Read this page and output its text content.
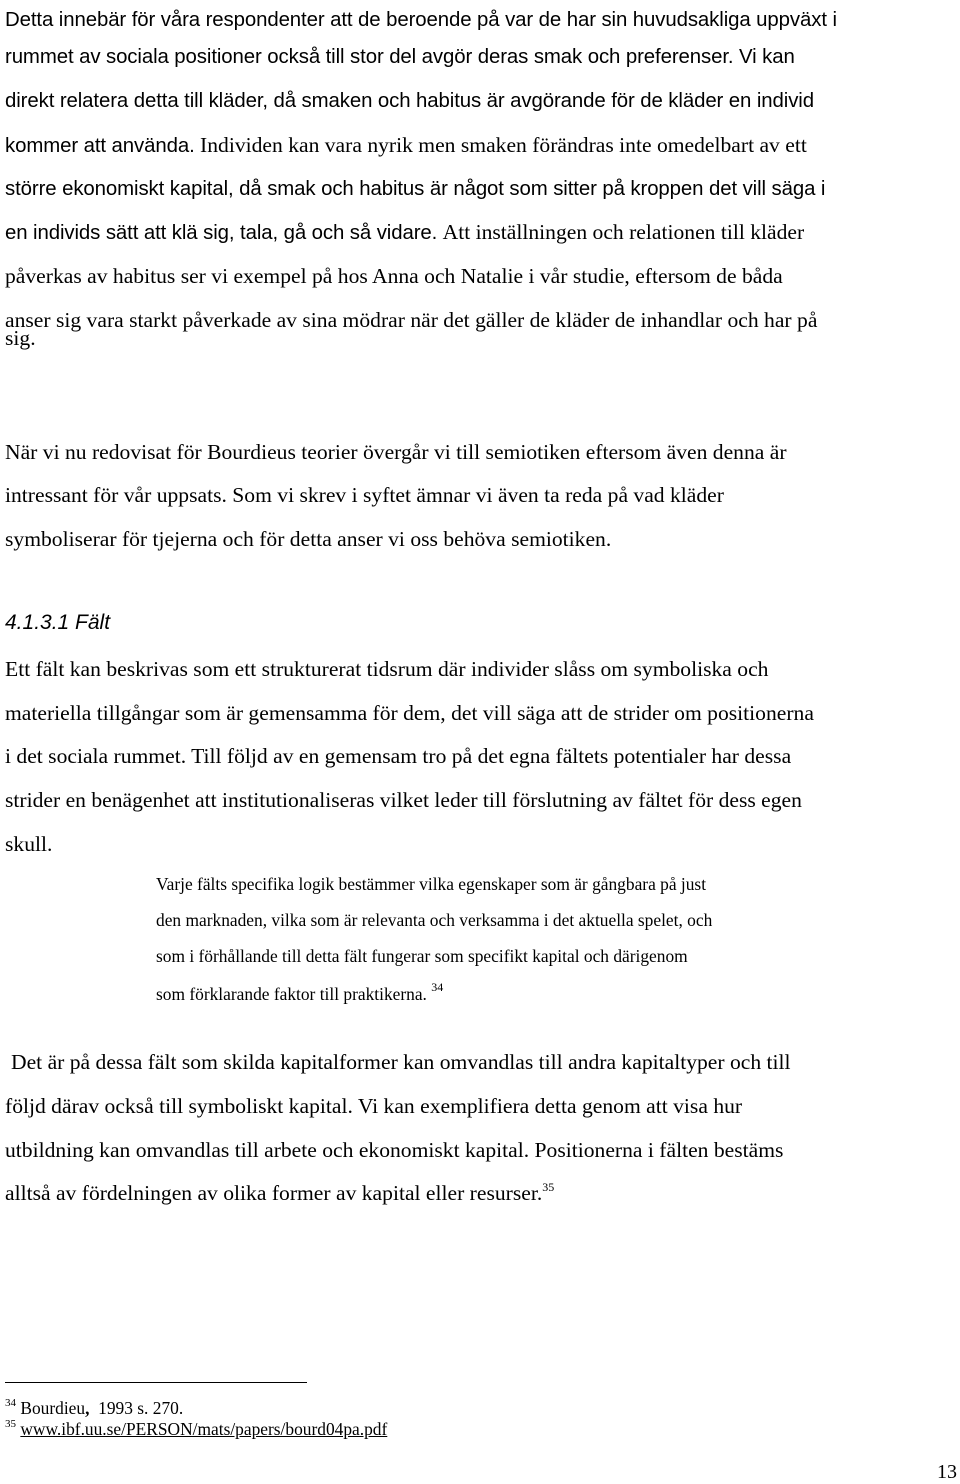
Detta innebär för våra respondenter att de beroende på var de har sin huvudsakliga uppväxt i
rummet av sociala positioner också till stor del avgör deras smak och preferenser. Vi kan
direkt relatera detta till kläder, då smaken och habitus är avgörande för de kläder en individ
kommer att använda. Individen kan vara nyrik men smaken förändras inte omedelbart av ett
större ekonomiskt kapital, då smak och habitus är något som sitter på kroppen det vill säga i
en individs sätt att klä sig, tala, gå och så vidare. Att inställningen och relationen till kläder
påverkas av habitus ser vi exempel på hos Anna och Natalie i vår studie, eftersom de båda
anser sig vara starkt påverkade av sina mödrar när det gäller de kläder de inhandlar och har på
sig.
När vi nu redovisat för Bourdieus teorier övergår vi till semiotiken eftersom även denna är
intressant för vår uppsats. Som vi skrev i syftet ämnar vi även ta reda på vad kläder
symboliserar för tjejerna och för detta anser vi oss behöva semiotiken.
4.1.3.1 Fält
Ett fält kan beskrivas som ett strukturerat tidsrum där individer slåss om symboliska och
materiella tillgångar som är gemensamma för dem, det vill säga att de strider om positionerna
i det sociala rummet. Till följd av en gemensam tro på det egna fältets potentialer har dessa
strider en benägenhet att institutionaliseras vilket leder till förslutning av fältet för dess egen
skull.
Varje fälts specifika logik bestämmer vilka egenskaper som är gångbara på just
den marknaden, vilka som är relevanta och verksamma i det aktuella spelet, och
som i förhållande till detta fält fungerar som specifikt kapital och därigenom
som förklarande faktor till praktikerna. $^{34}$
Det är på dessa fält som skilda kapitalformer kan omvandlas till andra kapitaltyper och till
följd därav också till symboliskt kapital. Vi kan exemplifiera detta genom att visa hur
utbildning kan omvandlas till arbete och ekonomiskt kapital. Positionerna i fälten bestäms
alltså av fördelningen av olika former av kapital eller resurser.$^{35}$
$^{34}$ Bourdieu, 1993 s. 270.
$^{35}$ www.ibf.uu.se/PERSON/mats/papers/bourd04pa.pdf
13
